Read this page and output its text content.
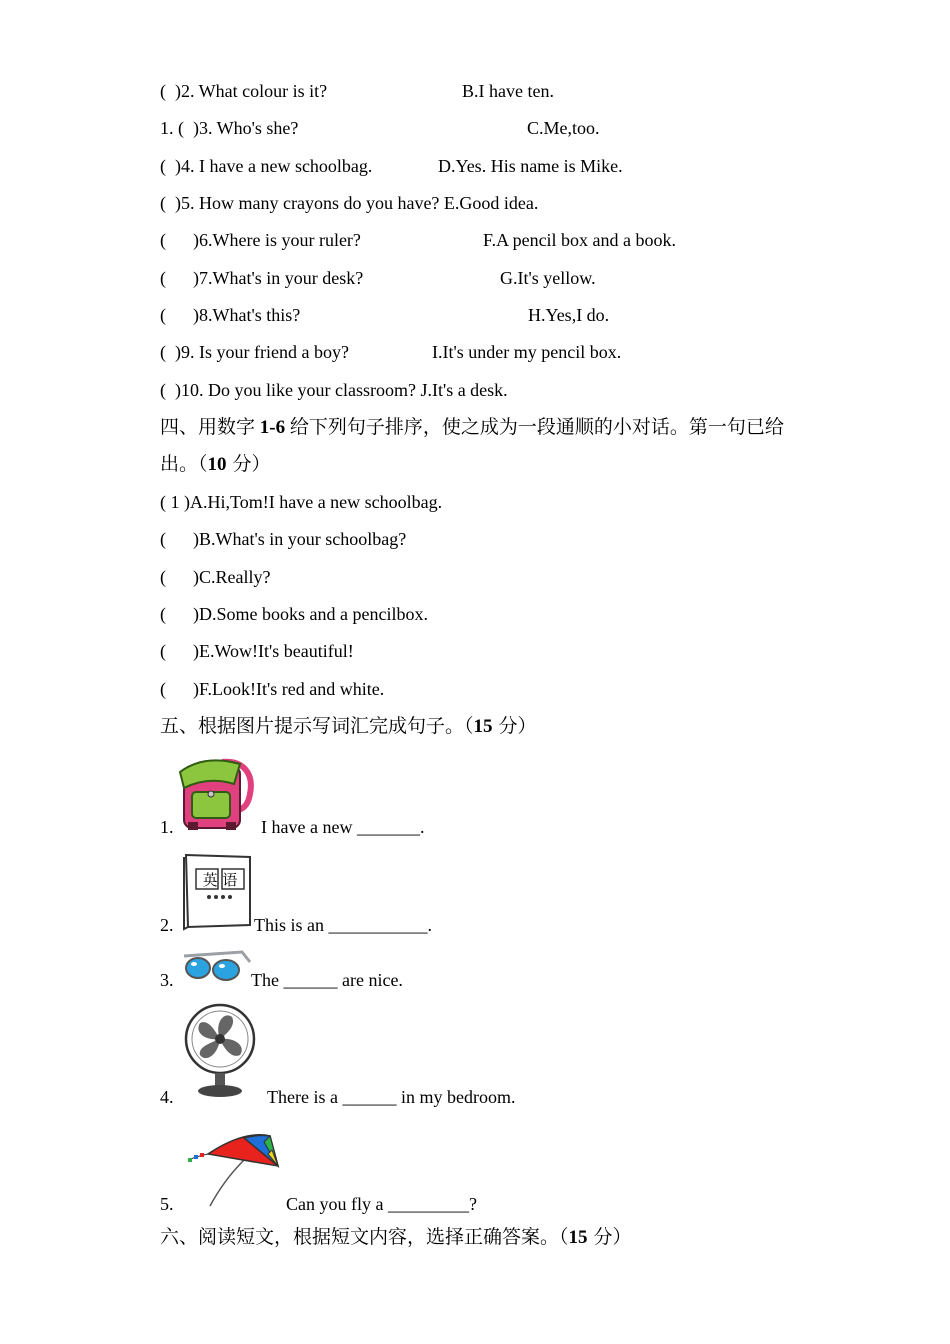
(  )2. What colour is it?	B.I have ten.
1. (  )3. Who's she?	C.Me,too.
(  )4. I have a new schoolbag.	D.Yes. His name is Mike.
(  )5. How many crayons do you have? E.Good idea.
(      )6.Where is your ruler?	F.A pencil box and a book.
(      )7.What's in your desk?	G.It's yellow.
(      )8.What's this?	H.Yes,I do.
(  )9. Is your friend a boy?	I.It's under my pencil box.
(  )10. Do you like your classroom? J.It's a desk.
四、用数字 1-6 给下列句子排序，使之成为一段通顺的小对话。第一句已给
出。（10 分）
( 1 )A.Hi,Tom!I have a new schoolbag.
(      )B.What's in your schoolbag?
(      )C.Really?
(      )D.Some books and a pencilbox.
(      )E.Wow!It's beautiful!
(      )F.Look!It's red and white.
五、根据图片提示写词汇完成句子。（15 分）
1.	I have a new _______.
英 语
2.	This is an ___________.
3.	The ______ are nice.
4.	There is a ______ in my bedroom.
5.	Can you fly a _________?
六、阅读短文，根据短文内容，选择正确答案。（15 分）
